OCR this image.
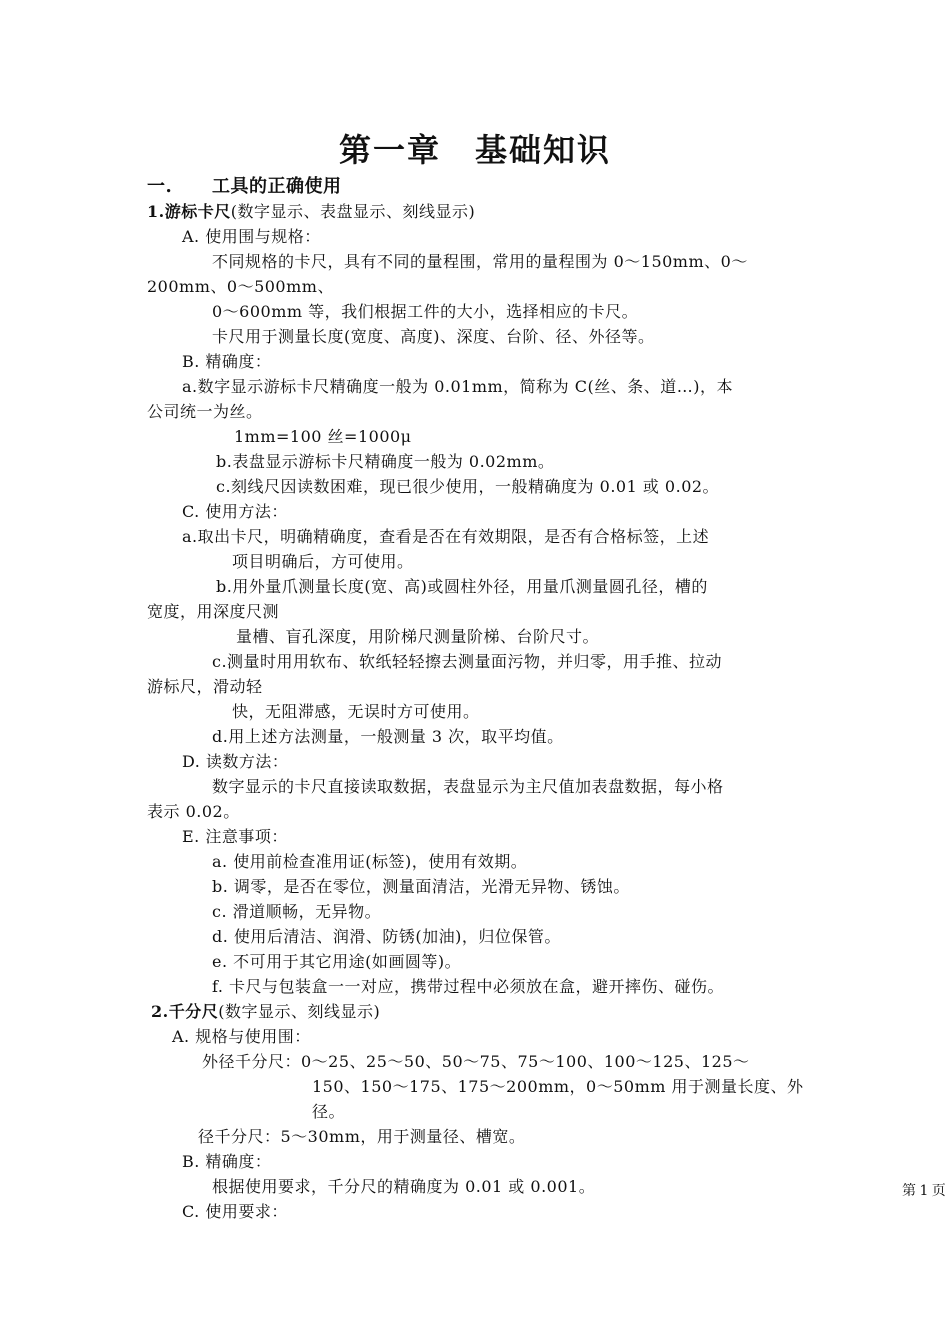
第一章　基础知识
一. 工具的正确使用
1.游标卡尺(数字显示、表盘显示、刻线显示)
A. 使用围与规格：
不同规格的卡尺，具有不同的量程围，常用的量程围为 0～150mm、0～
200mm、0～500mm、
0～600mm 等，我们根据工件的大小，选择相应的卡尺。
卡尺用于测量长度(宽度、高度)、深度、台阶、径、外径等。
B. 精确度：
a.数字显示游标卡尺精确度一般为 0.01mm，简称为 C(丝、条、道…)，本
公司统一为丝。
1mm=100 丝=1000μ
b.表盘显示游标卡尺精确度一般为 0.02mm。
c.刻线尺因读数困难，现已很少使用，一般精确度为 0.01 或 0.02。
C. 使用方法：
a.取出卡尺，明确精确度，查看是否在有效期限，是否有合格标签，上述
项目明确后，方可使用。
b.用外量爪测量长度(宽、高)或圆柱外径，用量爪测量圆孔径，槽的
宽度，用深度尺测
量槽、盲孔深度，用阶梯尺测量阶梯、台阶尺寸。
c.测量时用用软布、软纸轻轻擦去测量面污物，并归零，用手推、拉动
游标尺，滑动轻
快，无阻滞感，无误时方可使用。
d.用上述方法测量，一般测量 3 次，取平均值。
D. 读数方法：
数字显示的卡尺直接读取数据，表盘显示为主尺值加表盘数据，每小格
表示 0.02。
E. 注意事项：
a. 使用前检查准用证(标签)，使用有效期。
b. 调零，是否在零位，测量面清洁，光滑无异物、锈蚀。
c. 滑道顺畅，无异物。
d. 使用后清洁、润滑、防锈(加油)，归位保管。
e. 不可用于其它用途(如画圆等)。
f. 卡尺与包装盒一一对应，携带过程中必须放在盒，避开摔伤、碰伤。
2.千分尺(数字显示、刻线显示)
A. 规格与使用围：
外径千分尺：0～25、25～50、50～75、75～100、100～125、125～
150、150～175、175～200mm，0～50mm 用于测量长度、外
径。
径千分尺：5～30mm，用于测量径、槽宽。
B. 精确度：
根据使用要求，千分尺的精确度为 0.01 或 0.001。
C. 使用要求：
第 1 页
